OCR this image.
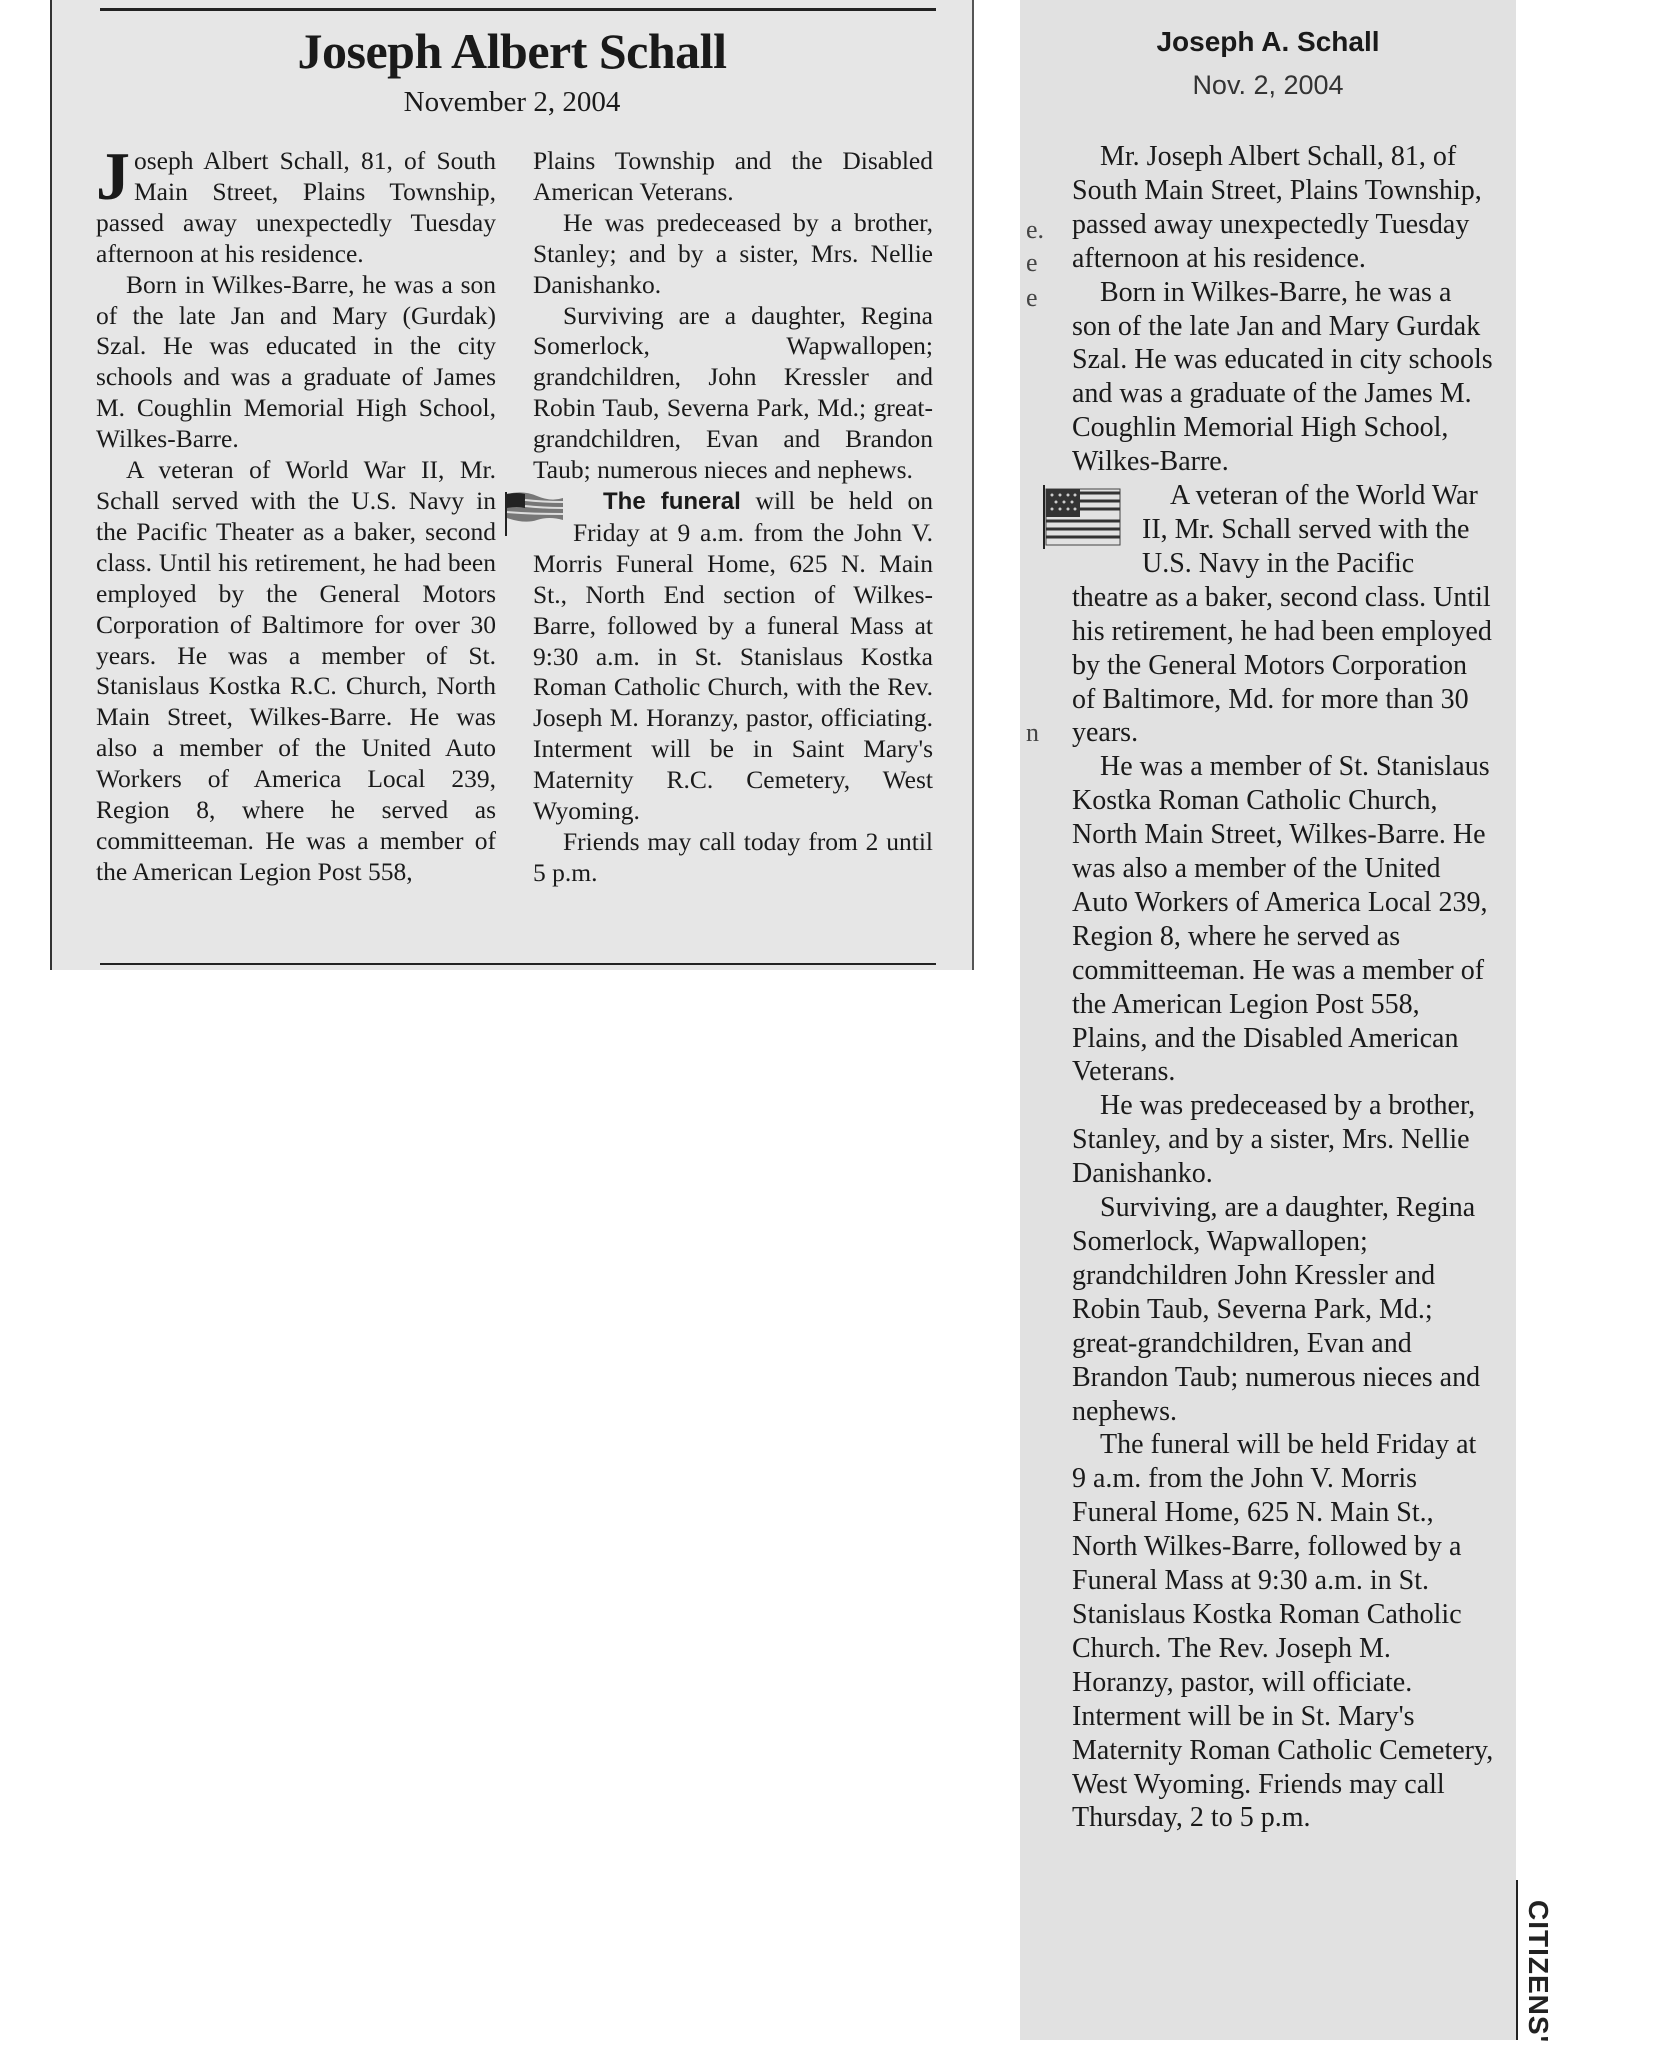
Joseph Albert Schall
November 2, 2004

Joseph Albert Schall, 81, of South Main Street, Plains Township, passed away unexpectedly Tuesday afternoon at his residence.

Born in Wilkes-Barre, he was a son of the late Jan and Mary (Gurdak) Szal. He was educated in the city schools and was a graduate of James M. Coughlin Memorial High School, Wilkes-Barre.

A veteran of World War II, Mr. Schall served with the U.S. Navy in the Pacific Theater as a baker, second class. Until his retirement, he had been employed by the General Motors Corporation of Baltimore for over 30 years. He was a member of St. Stanislaus Kostka R.C. Church, North Main Street, Wilkes-Barre. He was also a member of the United Auto Workers of America Local 239, Region 8, where he served as committeeman. He was a member of the American Legion Post 558,

Plains Township and the Disabled American Veterans.

He was predeceased by a brother, Stanley; and by a sister, Mrs. Nellie Danishanko.

Surviving are a daughter, Regina Somerlock, Wapwallopen; grandchildren, John Kressler and Robin Taub, Severna Park, Md.; great-grandchildren, Evan and Brandon Taub; numerous nieces and nephews.

The funeral will be held on Friday at 9 a.m. from the John V. Morris Funeral Home, 625 N. Main St., North End section of Wilkes-Barre, followed by a funeral Mass at 9:30 a.m. in St. Stanislaus Kostka Roman Catholic Church, with the Rev. Joseph M. Horanzy, pastor, officiating. Interment will be in Saint Mary's Maternity R.C. Cemetery, West Wyoming.

Friends may call today from 2 until 5 p.m.

Joseph A. Schall
Nov. 2, 2004

Mr. Joseph Albert Schall, 81, of South Main Street, Plains Township, passed away unexpectedly Tuesday afternoon at his residence.

Born in Wilkes-Barre, he was a son of the late Jan and Mary Gurdak Szal. He was educated in city schools and was a graduate of the James M. Coughlin Memorial High School, Wilkes-Barre.

A veteran of the World War II, Mr. Schall served with the U.S. Navy in the Pacific theatre as a baker, second class. Until his retirement, he had been employed by the General Motors Corporation of Baltimore, Md. for more than 30 years.

He was a member of St. Stanislaus Kostka Roman Catholic Church, North Main Street, Wilkes-Barre. He was also a member of the United Auto Workers of America Local 239, Region 8, where he served as committeeman. He was a member of the American Legion Post 558, Plains, and the Disabled American Veterans.

He was predeceased by a brother, Stanley, and by a sister, Mrs. Nellie Danishanko.

Surviving, are a daughter, Regina Somerlock, Wapwallopen; grandchildren John Kressler and Robin Taub, Severna Park, Md.; great-grandchildren, Evan and Brandon Taub; numerous nieces and nephews.

The funeral will be held Friday at 9 a.m. from the John V. Morris Funeral Home, 625 N. Main St., North Wilkes-Barre, followed by a Funeral Mass at 9:30 a.m. in St. Stanislaus Kostka Roman Catholic Church. The Rev. Joseph M. Horanzy, pastor, will officiate. Interment will be in St. Mary's Maternity Roman Catholic Cemetery, West Wyoming. Friends may call Thursday, 2 to 5 p.m.

e.
e
e
n
CITIZENS'
